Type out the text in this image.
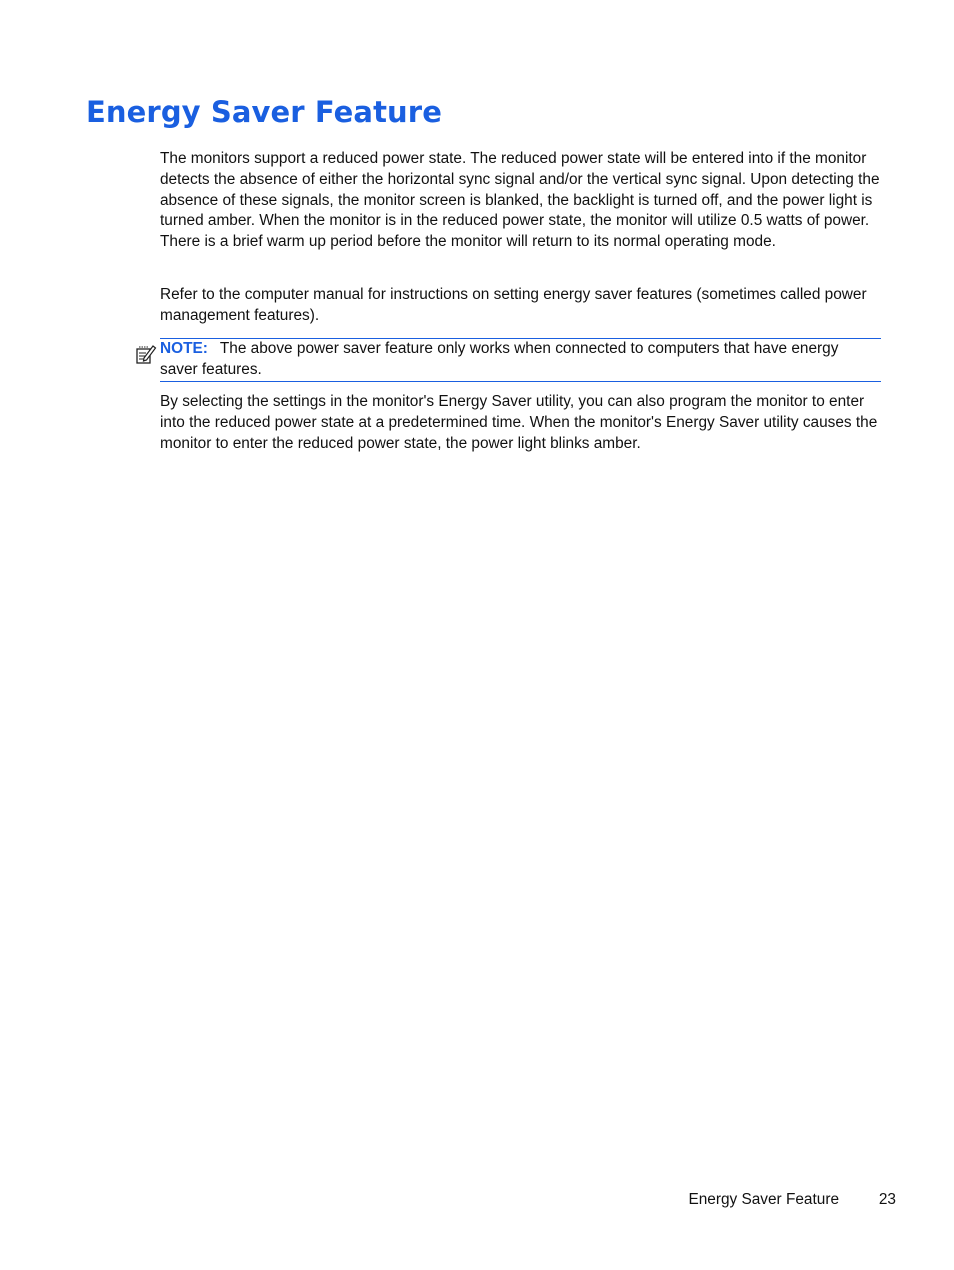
Energy Saver Feature

The monitors support a reduced power state. The reduced power state will be entered into if the monitor detects the absence of either the horizontal sync signal and/or the vertical sync signal. Upon detecting the absence of these signals, the monitor screen is blanked, the backlight is turned off, and the power light is turned amber. When the monitor is in the reduced power state, the monitor will utilize 0.5 watts of power. There is a brief warm up period before the monitor will return to its normal operating mode.

Refer to the computer manual for instructions on setting energy saver features (sometimes called power management features).

NOTE: The above power saver feature only works when connected to computers that have energy saver features.

By selecting the settings in the monitor's Energy Saver utility, you can also program the monitor to enter into the reduced power state at a predetermined time. When the monitor's Energy Saver utility causes the monitor to enter the reduced power state, the power light blinks amber.

Energy Saver Feature	23
